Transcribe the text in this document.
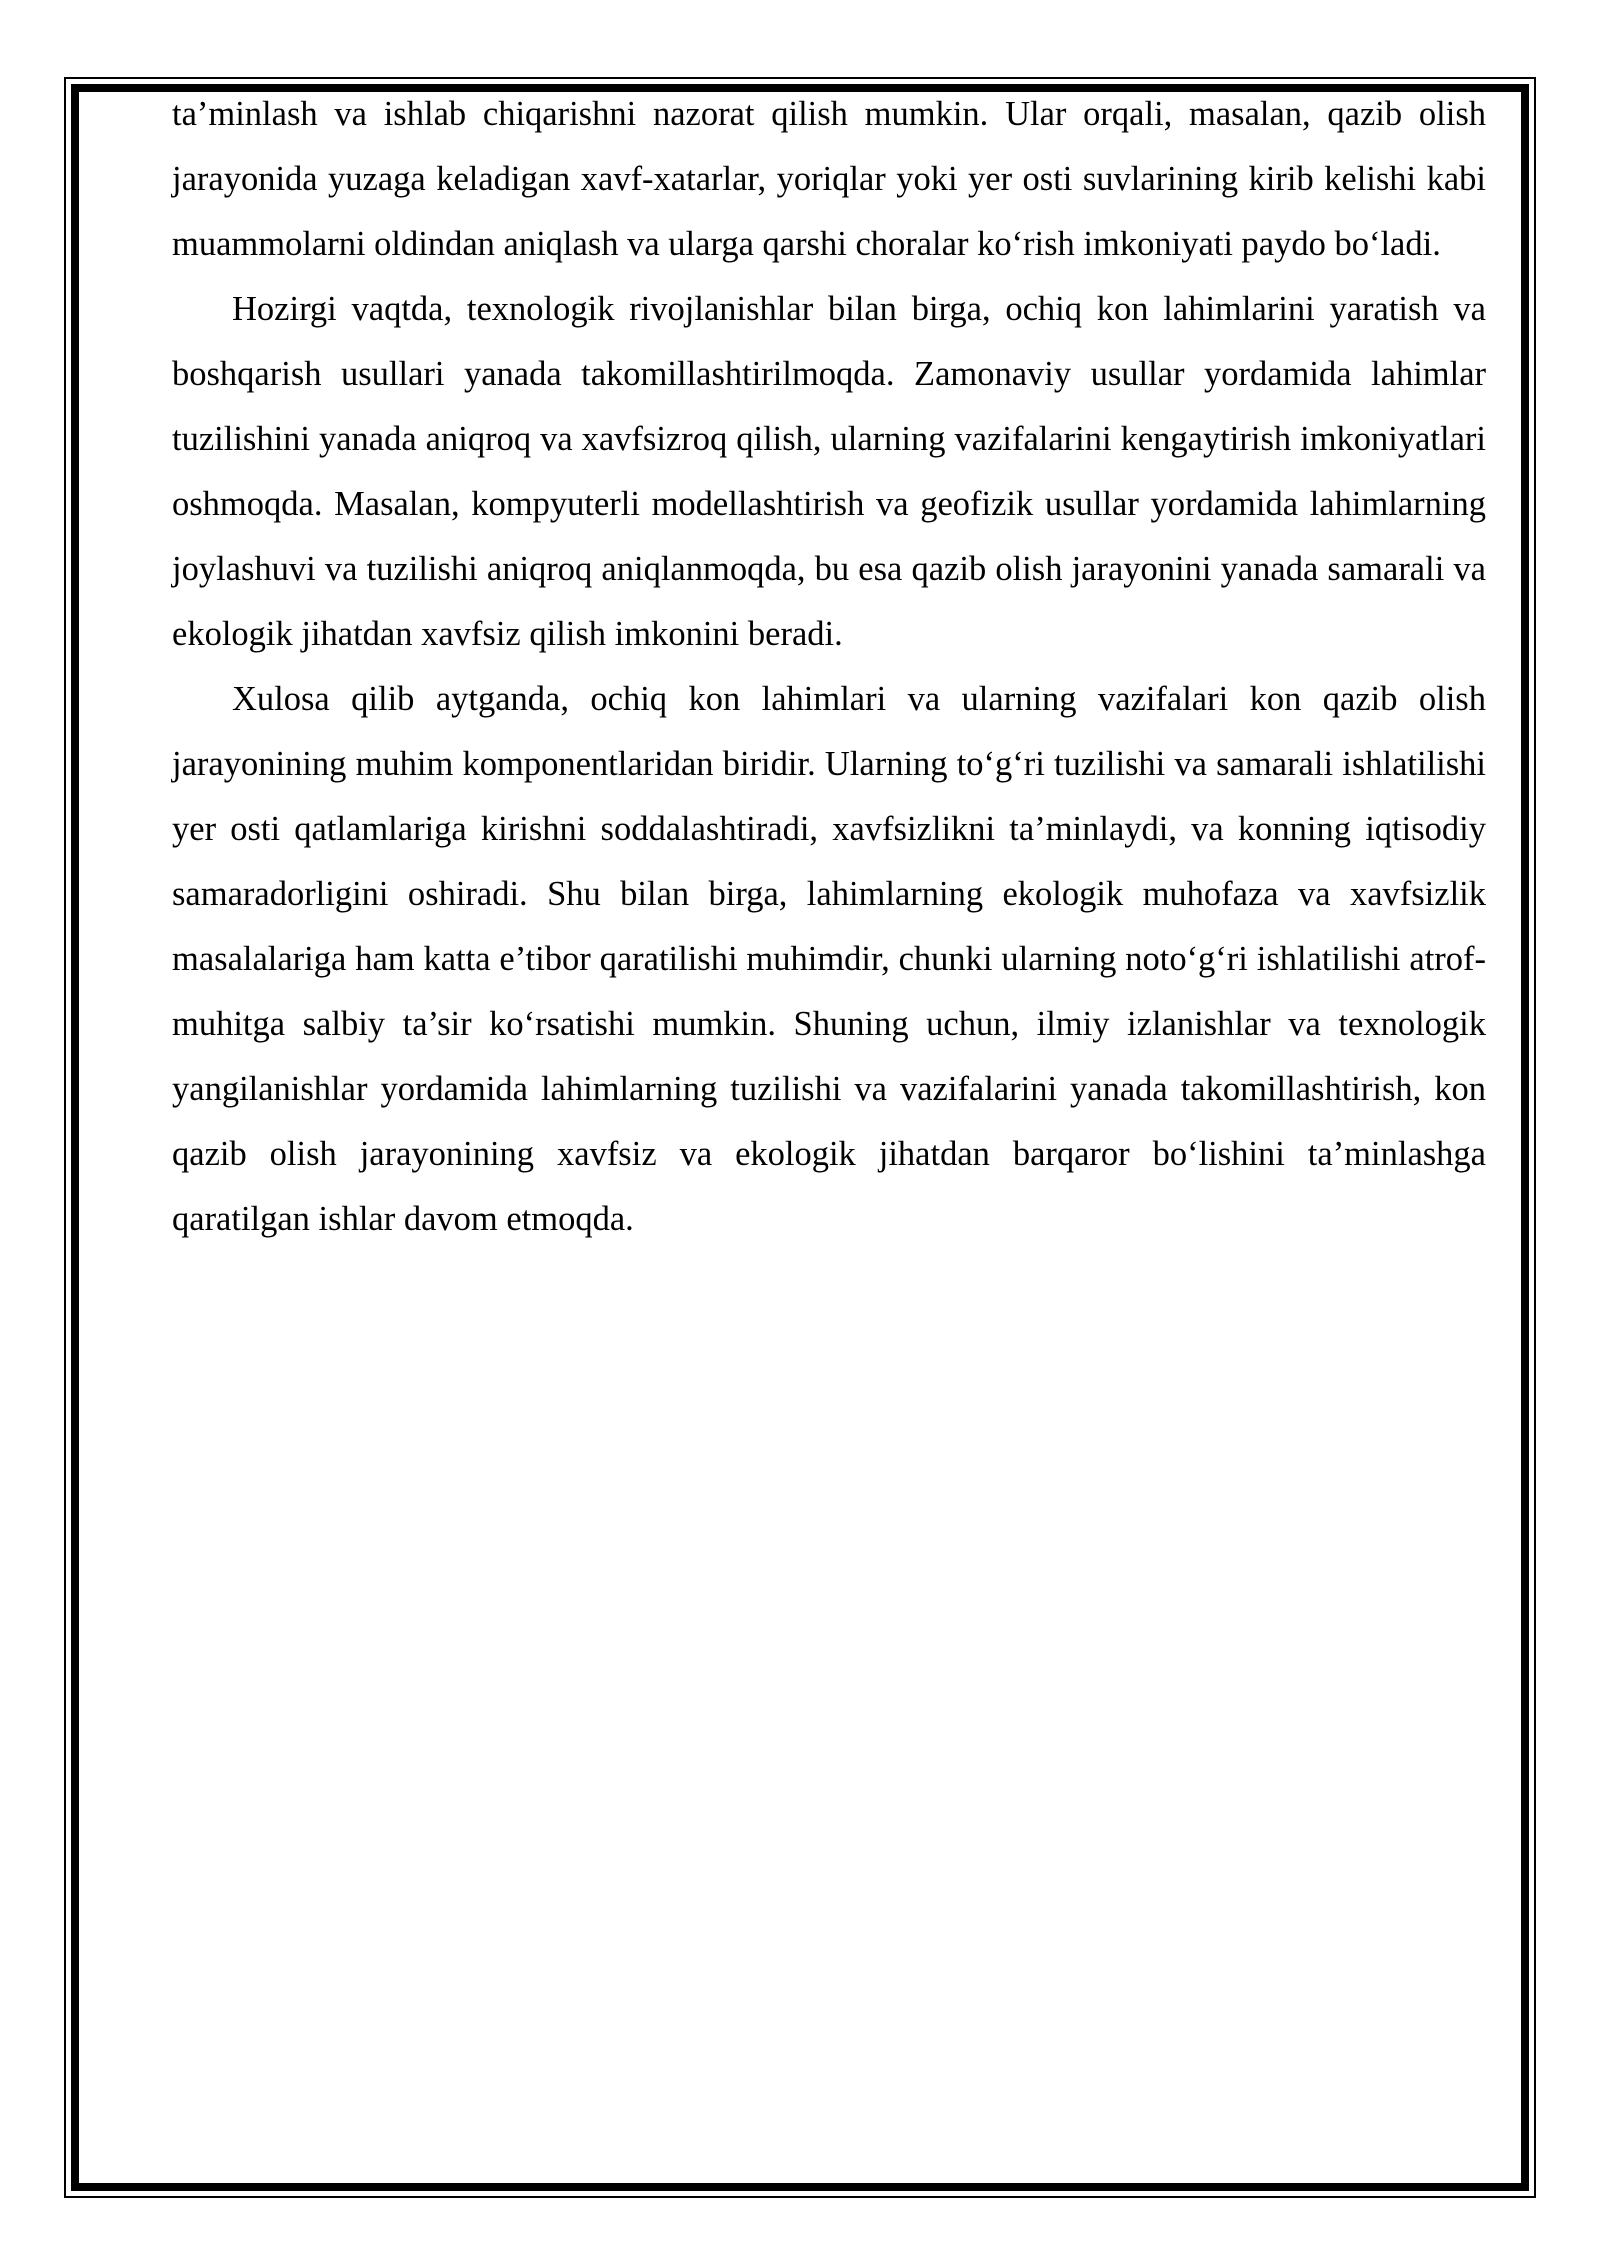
ta’minlash va ishlab chiqarishni nazorat qilish mumkin. Ular orqali, masalan, qazib olish jarayonida yuzaga keladigan xavf-xatarlar, yoriqlar yoki yer osti suvlarining kirib kelishi kabi muammolarni oldindan aniqlash va ularga qarshi choralar koʻrish imkoniyati paydo boʻladi.

Hozirgi vaqtda, texnologik rivojlanishlar bilan birga, ochiq kon lahimlarini yaratish va boshqarish usullari yanada takomillashtirilmoqda. Zamonaviy usullar yordamida lahimlar tuzilishini yanada aniqroq va xavfsizroq qilish, ularning vazifalarini kengaytirish imkoniyatlari oshmoqda. Masalan, kompyuterli modellashtirish va geofizik usullar yordamida lahimlarning joylashuvi va tuzilishi aniqroq aniqlanmoqda, bu esa qazib olish jarayonini yanada samarali va ekologik jihatdan xavfsiz qilish imkonini beradi.

Xulosa qilib aytganda, ochiq kon lahimlari va ularning vazifalari kon qazib olish jarayonining muhim komponentlaridan biridir. Ularning toʻgʻri tuzilishi va samarali ishlatilishi yer osti qatlamlariga kirishni soddalashtiradi, xavfsizlikni ta’minlaydi, va konning iqtisodiy samaradorligini oshiradi. Shu bilan birga, lahimlarning ekologik muhofaza va xavfsizlik masalalariga ham katta e’tibor qaratilishi muhimdir, chunki ularning notoʻgʻri ishlatilishi atrof-muhitga salbiy ta’sir koʻrsatishi mumkin. Shuning uchun, ilmiy izlanishlar va texnologik yangilanishlar yordamida lahimlarning tuzilishi va vazifalarini yanada takomillashtirish, kon qazib olish jarayonining xavfsiz va ekologik jihatdan barqaror boʻlishini ta’minlashga qaratilgan ishlar davom etmoqda.
